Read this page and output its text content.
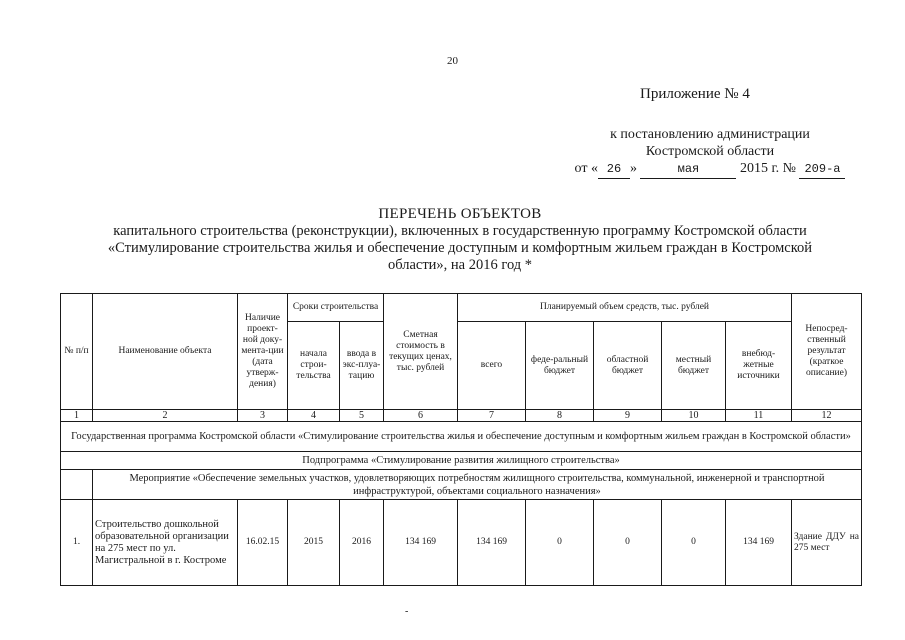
20
Приложение № 4
к постановлению администрации
Костромской области
от « 26 »	мая	2015 г. № 209-а
ПЕРЕЧЕНЬ ОБЪЕКТОВ
капитального строительства (реконструкции), включенных в государственную программу Костромской области
«Стимулирование строительства жилья и обеспечение доступным и комфортным жильем граждан в Костромской
области», на 2016 год *
№ п/п	Наименование объекта	Наличие проект-ной доку-мента-ции (дата утверж-дения)	Сроки строительства		Сметная стоимость в текущих ценах, тыс. рублей	Планируемый объем средств, тыс. рублей					Непосред-ственный результат (краткое описание)
			начала строи-тельства	ввода в экс-плуа-тацию		всего	феде-ральный бюджет	областной бюджет	местный бюджет	внебюд-жетные источники	
1	2	3	4	5	6	7	8	9	10	11	12
Государственная программа Костромской области «Стимулирование строительства жилья и обеспечение доступным и комфортным жильем граждан в Костромской области»											
Подпрограмма «Стимулирование развития жилищного строительства»											
	Мероприятие «Обеспечение земельных участков, удовлетворяющих потребностям жилищного строительства, коммунальной, инженерной и транспортной инфраструктурой, объектами социального назначения»										
1.	Строительство дошкольной образовательной организации на 275 мест по ул. Магистральной в г. Костроме	16.02.15	2015	2016	134 169	134 169	0	0	0	134 169	Здание ДДУ на 275 мест
-
